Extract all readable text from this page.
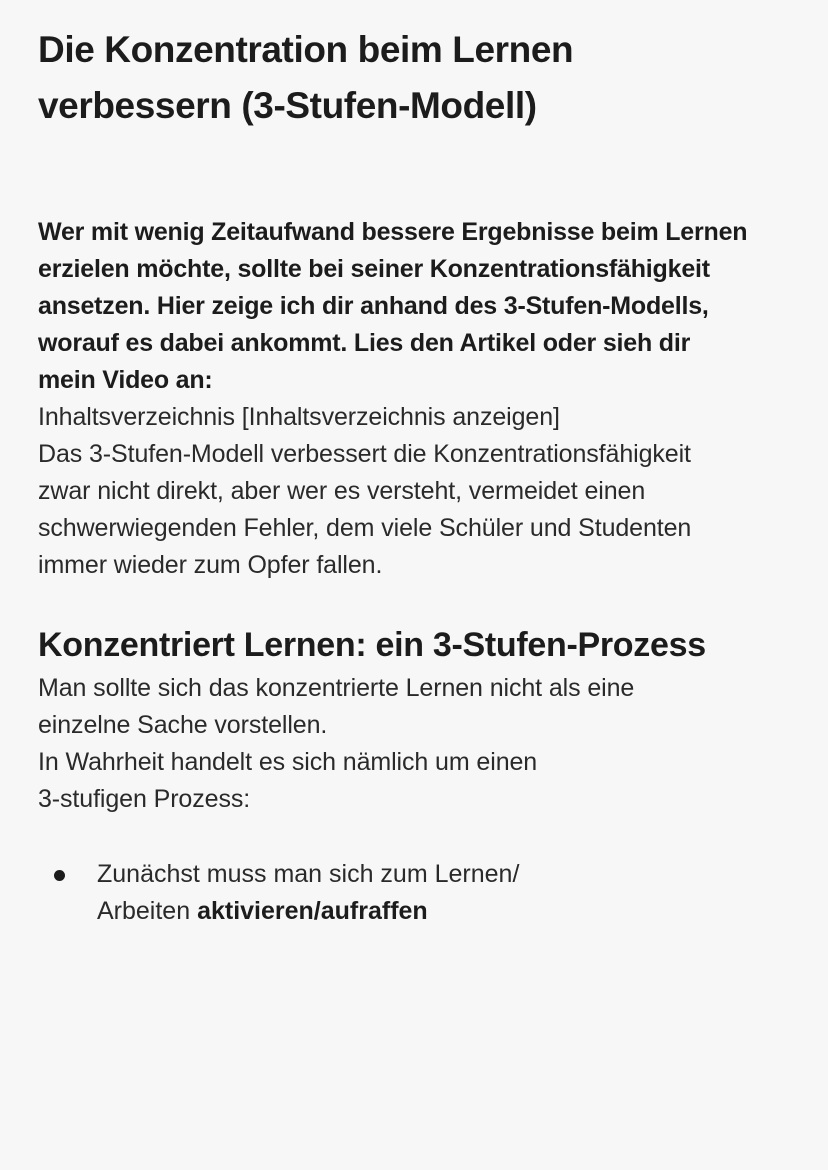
Die Konzentration beim Lernen
verbessern (3-Stufen-Modell)

Wer mit wenig Zeitaufwand bessere Ergebnisse beim Lernen
erzielen möchte, sollte bei seiner Konzentrationsfähigkeit
ansetzen. Hier zeige ich dir anhand des 3-Stufen-Modells,
worauf es dabei ankommt. Lies den Artikel oder sieh dir
mein Video an:

Inhaltsverzeichnis [Inhaltsverzeichnis anzeigen]

Das 3-Stufen-Modell verbessert die Konzentrationsfähigkeit
zwar nicht direkt, aber wer es versteht, vermeidet einen
schwerwiegenden Fehler, dem viele Schüler und Studenten
immer wieder zum Opfer fallen.

Konzentriert Lernen: ein 3-Stufen-Prozess

Man sollte sich das konzentrierte Lernen nicht als eine
einzelne Sache vorstellen.

In Wahrheit handelt es sich nämlich um einen
3-stufigen Prozess:

Zunächst muss man sich zum Lernen/
Arbeiten aktivieren/aufraffen
